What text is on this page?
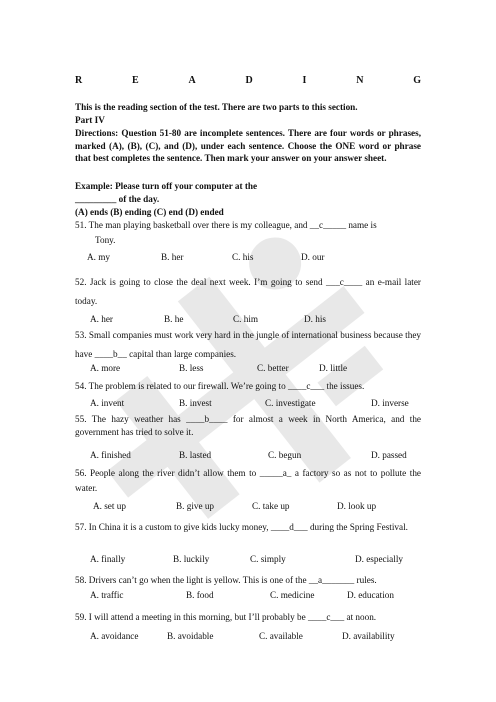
R	E	A	D	I	N	G
This is the reading section of the test. There are two parts to this section.
Part IV
Directions: Question 51-80 are incomplete sentences. There are four words or phrases, marked (A), (B), (C), and (D), under each sentence. Choose the ONE word or phrase that best completes the sentence. Then mark your answer on your answer sheet.
Example: Please turn off your computer at the
_________ of the day.
(A) ends (B) ending (C) end (D) ended
51. The man playing basketball over there is my colleague, and __c_____ name is
Tony.
A. my	B. her	C. his	D. our
52. Jack is going to close the deal next week. I’m going to send ___c____ an e-mail later today.
A. her	B. he	C. him	D. his
53. Small companies must work very hard in the jungle of international business because they have ____b__ capital than large companies.
A. more	B. less	C. better	D. little
54. The problem is related to our firewall. We’re going to ____c___ the issues.
A. invent	B. invest	C. investigate	D. inverse
55. The hazy weather has ____b____ for almost a week in North America, and the government has tried to solve it.
A. finished	B. lasted	C. begun	D. passed
56. People along the river didn’t allow them to _____a_ a factory so as not to pollute the water.
A. set up	B. give up	C. take up	D. look up
57. In China it is a custom to give kids lucky money, ____d___ during the Spring Festival.
A. finally	B. luckily	C. simply	D. especially
58. Drivers can’t go when the light is yellow. This is one of the __a_______ rules.
A. traffic	B. food	C. medicine	D. education
59. I will attend a meeting in this morning, but I’ll probably be ____c___ at noon.
A. avoidance	B. avoidable	C. available	D. availability
